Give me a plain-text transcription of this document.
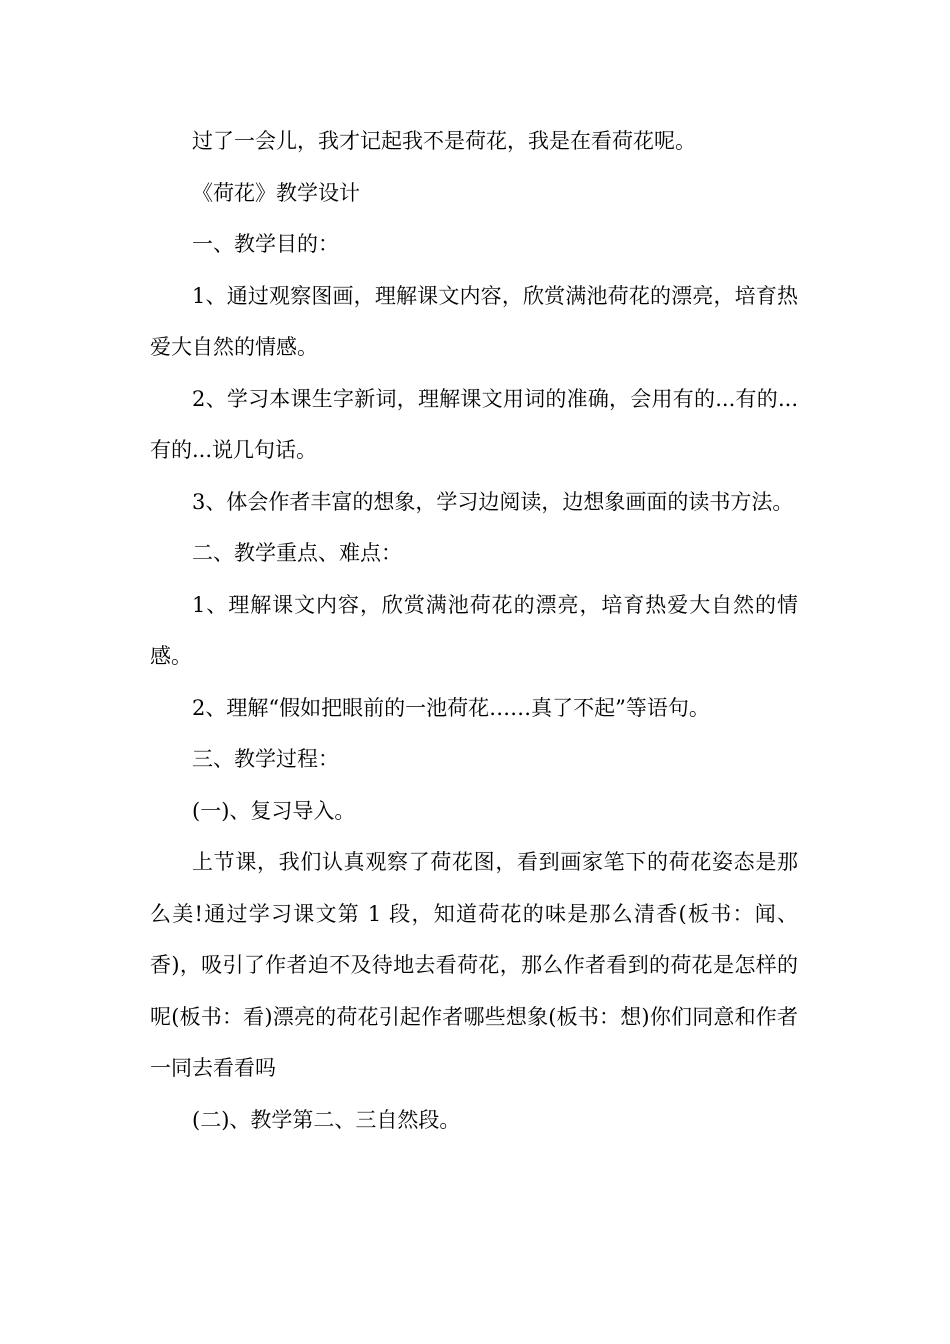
过了一会儿，我才记起我不是荷花，我是在看荷花呢。

《荷花》教学设计

一、教学目的：

1、通过观察图画，理解课文内容，欣赏满池荷花的漂亮，培育热爱大自然的情感。

2、学习本课生字新词，理解课文用词的准确，会用有的...有的...有的...说几句话。

3、体会作者丰富的想象，学习边阅读，边想象画面的读书方法。

二、教学重点、难点：

1、理解课文内容，欣赏满池荷花的漂亮，培育热爱大自然的情感。

2、理解“假如把眼前的一池荷花……真了不起”等语句。

三、教学过程：

(一)、复习导入。

上节课，我们认真观察了荷花图，看到画家笔下的荷花姿态是那么美!通过学习课文第 1 段，知道荷花的味是那么清香(板书：闻、香)，吸引了作者迫不及待地去看荷花，那么作者看到的荷花是怎样的呢(板书：看)漂亮的荷花引起作者哪些想象(板书：想)你们同意和作者一同去看看吗

(二)、教学第二、三自然段。
